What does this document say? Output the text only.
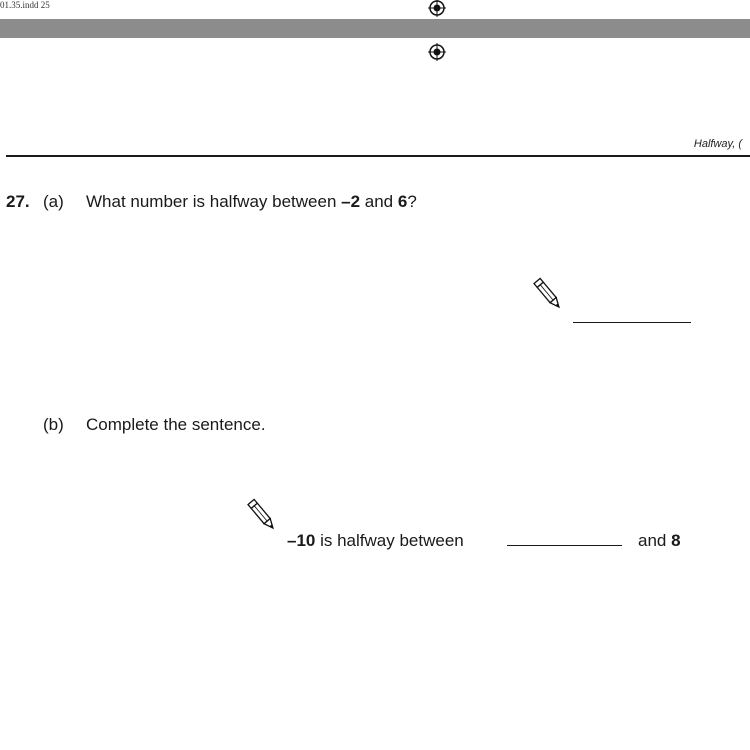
01.35.indd 25
Halfway, (
27. (a) What number is halfway between –2 and 6?
(b) Complete the sentence.
–10 is halfway between	and 8
